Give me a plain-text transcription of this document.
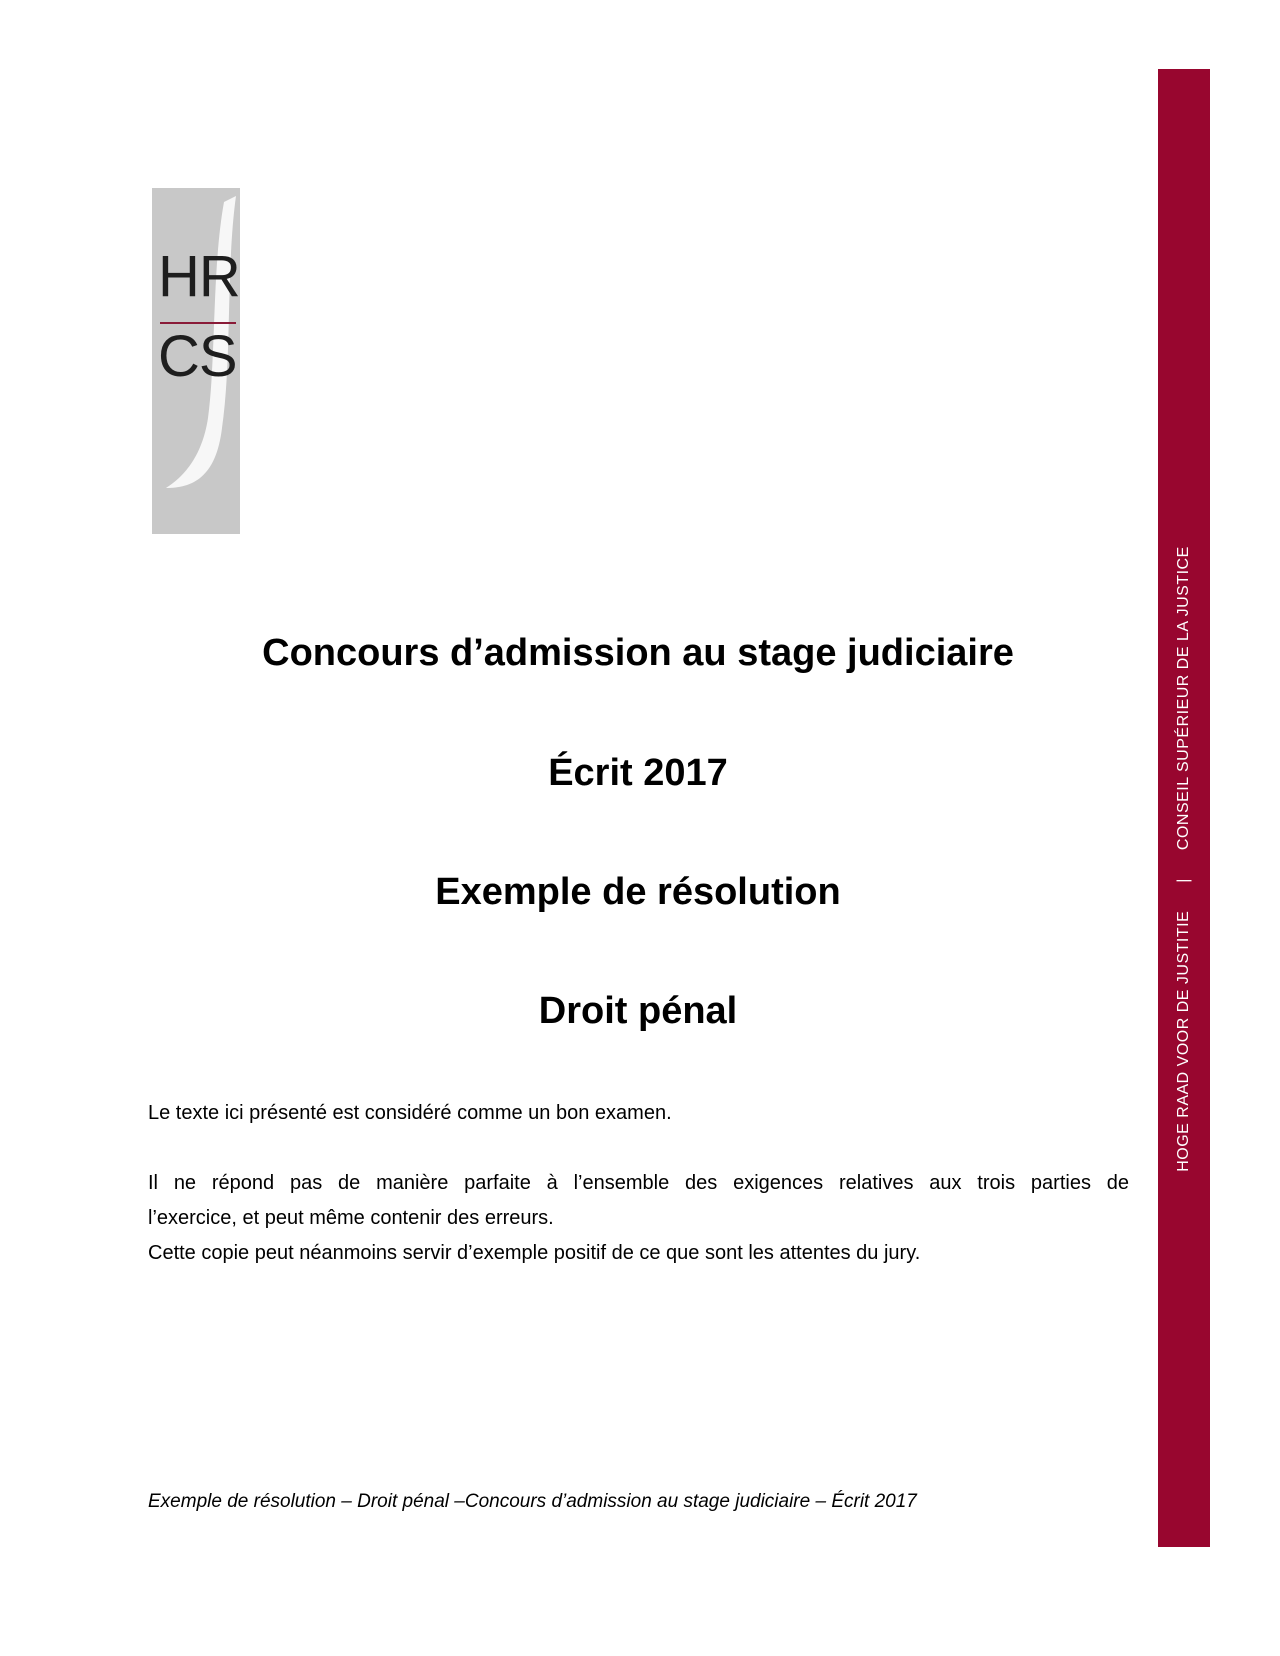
HR
CS
Concours d’admission au stage judiciaire
Écrit 2017
Exemple de résolution
Droit pénal
Le texte ici présenté est considéré comme un bon examen.
Il ne répond pas de manière parfaite à l’ensemble des exigences relatives aux trois parties de
l’exercice, et peut même contenir des erreurs.
Cette copie peut néanmoins servir d’exemple positif de ce que sont les attentes du jury.
Exemple de résolution – Droit pénal –Concours d’admission au stage judiciaire – Écrit 2017
HOGE RAAD VOOR DE JUSTITIE|CONSEIL SUPÉRIEUR DE LA JUSTICE
